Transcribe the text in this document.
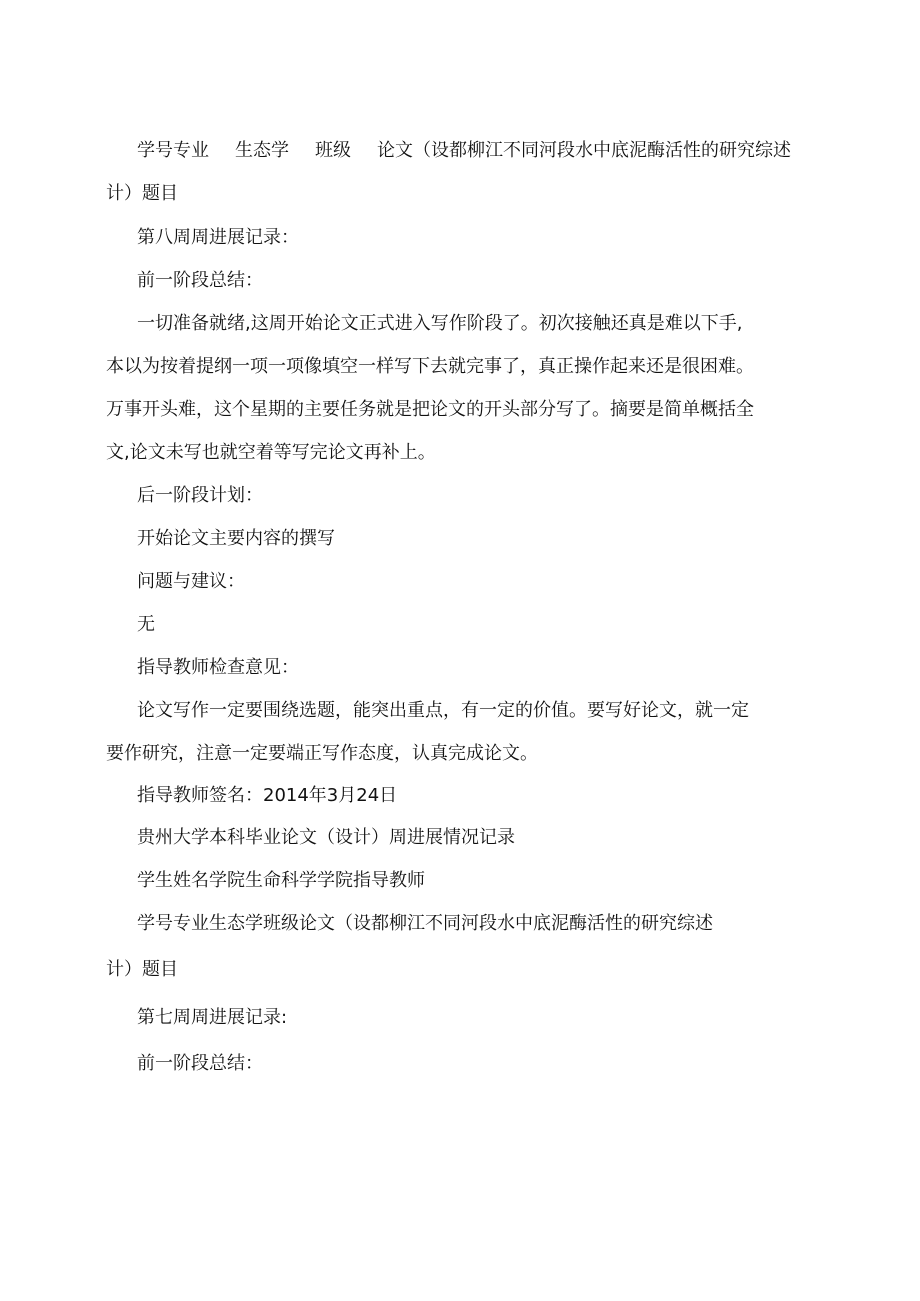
学号专业 生态学 班级 论文（设都柳江不同河段水中底泥酶活性的研究综述
计）题目
第八周周进展记录：
前一阶段总结：
一切准备就绪,这周开始论文正式进入写作阶段了。初次接触还真是难以下手,
本以为按着提纲一项一项像填空一样写下去就完事了，真正操作起来还是很困难。
万事开头难，这个星期的主要任务就是把论文的开头部分写了。摘要是简单概括全
文,论文未写也就空着等写完论文再补上。
后一阶段计划：
开始论文主要内容的撰写
问题与建议：
无
指导教师检查意见：
论文写作一定要围绕选题，能突出重点，有一定的价值。要写好论文，就一定
要作研究，注意一定要端正写作态度，认真完成论文。
指导教师签名：2014年3月24日
贵州大学本科毕业论文（设计）周进展情况记录
学生姓名学院生命科学学院指导教师
学号专业生态学班级论文（设都柳江不同河段水中底泥酶活性的研究综述
计）题目
第七周周进展记录:
前一阶段总结：
